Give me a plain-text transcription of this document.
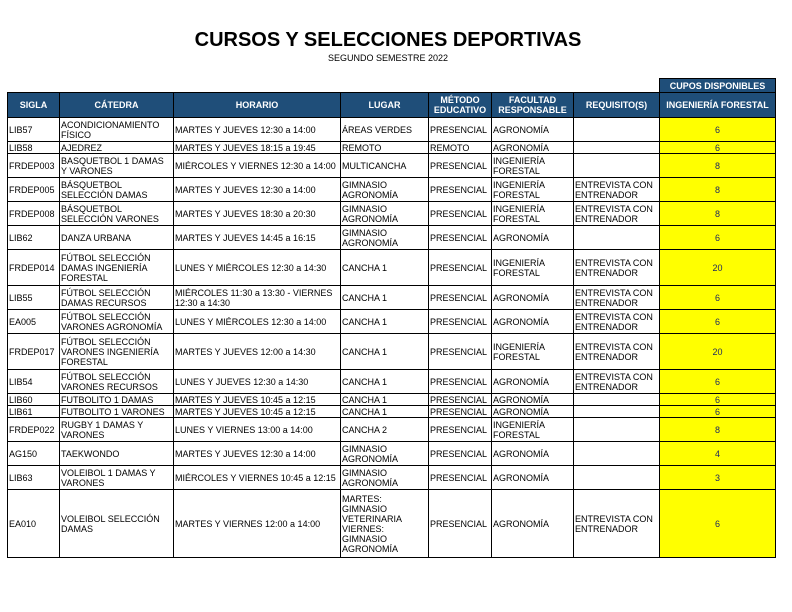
CURSOS Y SELECCIONES DEPORTIVAS
SEGUNDO SEMESTRE 2022
							CUPOS DISPONIBLES
SIGLA	CÁTEDRA	HORARIO	LUGAR	MÉTODO EDUCATIVO	FACULTAD RESPONSABLE	REQUISITO(S)	INGENIERÍA FORESTAL
LIB57	ACONDICIONAMIENTO FÍSICO	MARTES Y JUEVES 12:30 a 14:00	ÁREAS VERDES	PRESENCIAL	AGRONOMÍA		6
LIB58	AJEDREZ	MARTES Y JUEVES 18:15 a 19:45	REMOTO	REMOTO	AGRONOMÍA		6
FRDEP003	BASQUETBOL 1 DAMAS Y VARONES	MIÉRCOLES Y VIERNES 12:30 a 14:00	MULTICANCHA	PRESENCIAL	INGENIERÍA FORESTAL		8
FRDEP005	BÁSQUETBOL SELECCIÓN DAMAS	MARTES Y JUEVES 12:30 a 14:00	GIMNASIO AGRONOMÍA	PRESENCIAL	INGENIERÍA FORESTAL	ENTREVISTA CON ENTRENADOR	8
FRDEP008	BÁSQUETBOL SELECCIÓN VARONES	MARTES Y JUEVES 18:30 a 20:30	GIMNASIO AGRONOMÍA	PRESENCIAL	INGENIERÍA FORESTAL	ENTREVISTA CON ENTRENADOR	8
LIB62	DANZA URBANA	MARTES Y JUEVES 14:45 a 16:15	GIMNASIO AGRONOMÍA	PRESENCIAL	AGRONOMÍA		6
FRDEP014	FÚTBOL SELECCIÓN DAMAS INGENIERÍA FORESTAL	LUNES Y MIÉRCOLES 12:30 a 14:30	CANCHA 1	PRESENCIAL	INGENIERÍA FORESTAL	ENTREVISTA CON ENTRENADOR	20
LIB55	FÚTBOL SELECCIÓN DAMAS RECURSOS	MIÉRCOLES 11:30 a 13:30 - VIERNES 12:30 a 14:30	CANCHA 1	PRESENCIAL	AGRONOMÍA	ENTREVISTA CON ENTRENADOR	6
EA005	FÚTBOL SELECCIÓN VARONES AGRONOMÍA	LUNES Y MIÉRCOLES 12:30 a 14:00	CANCHA 1	PRESENCIAL	AGRONOMÍA	ENTREVISTA CON ENTRENADOR	6
FRDEP017	FÚTBOL SELECCIÓN VARONES INGENIERÍA FORESTAL	MARTES Y JUEVES 12:00 a 14:30	CANCHA 1	PRESENCIAL	INGENIERÍA FORESTAL	ENTREVISTA CON ENTRENADOR	20
LIB54	FÚTBOL SELECCIÓN VARONES RECURSOS	LUNES Y JUEVES 12:30 a 14:30	CANCHA 1	PRESENCIAL	AGRONOMÍA	ENTREVISTA CON ENTRENADOR	6
LIB60	FUTBOLITO 1 DAMAS	MARTES Y JUEVES 10:45 a 12:15	CANCHA 1	PRESENCIAL	AGRONOMÍA		6
LIB61	FUTBOLITO 1 VARONES	MARTES Y JUEVES 10:45 a 12:15	CANCHA 1	PRESENCIAL	AGRONOMÍA		6
FRDEP022	RUGBY 1 DAMAS Y VARONES	LUNES Y VIERNES 13:00 a 14:00	CANCHA 2	PRESENCIAL	INGENIERÍA FORESTAL		8
AG150	TAEKWONDO	MARTES Y JUEVES 12:30 a 14:00	GIMNASIO AGRONOMÍA	PRESENCIAL	AGRONOMÍA		4
LIB63	VOLEIBOL 1 DAMAS Y VARONES	MIÉRCOLES Y VIERNES 10:45 a 12:15	GIMNASIO AGRONOMÍA	PRESENCIAL	AGRONOMÍA		3
EA010	VOLEIBOL SELECCIÓN DAMAS	MARTES Y VIERNES 12:00 a 14:00	MARTES: GIMNASIO VETERINARIA VIERNES: GIMNASIO AGRONOMÍA	PRESENCIAL	AGRONOMÍA	ENTREVISTA CON ENTRENADOR	6
